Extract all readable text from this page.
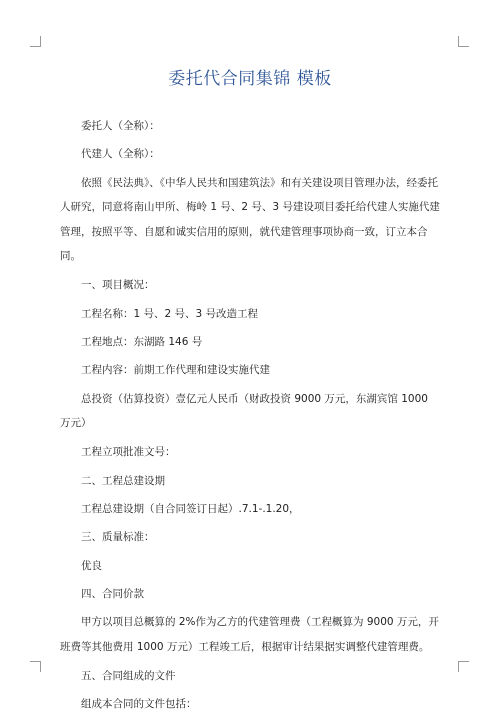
委托代合同集锦 模板

委托人（全称）：

代建人（全称）：

依照《民法典》、《中华人民共和国建筑法》和有关建设项目管理办法，经委托人研究，同意将南山甲所、梅岭 1 号、2 号、3 号建设项目委托给代建人实施代建管理，按照平等、自愿和诚实信用的原则，就代建管理事项协商一致，订立本合同。

一、项目概况：

工程名称：1 号、2 号、3 号改造工程

工程地点：东湖路 146 号

工程内容：前期工作代理和建设实施代建

总投资（估算投资）壹亿元人民币（财政投资 9000 万元，东湖宾馆 1000 万元）

工程立项批准文号：

二、工程总建设期

工程总建设期（自合同签订日起）.7.1-.1.20，

三、质量标准：

优良

四、合同价款

甲方以项目总概算的 2%作为乙方的代建管理费（工程概算为 9000 万元，开班费等其他费用 1000 万元）工程竣工后，根据审计结果据实调整代建管理费。

五、合同组成的文件

组成本合同的文件包括：
